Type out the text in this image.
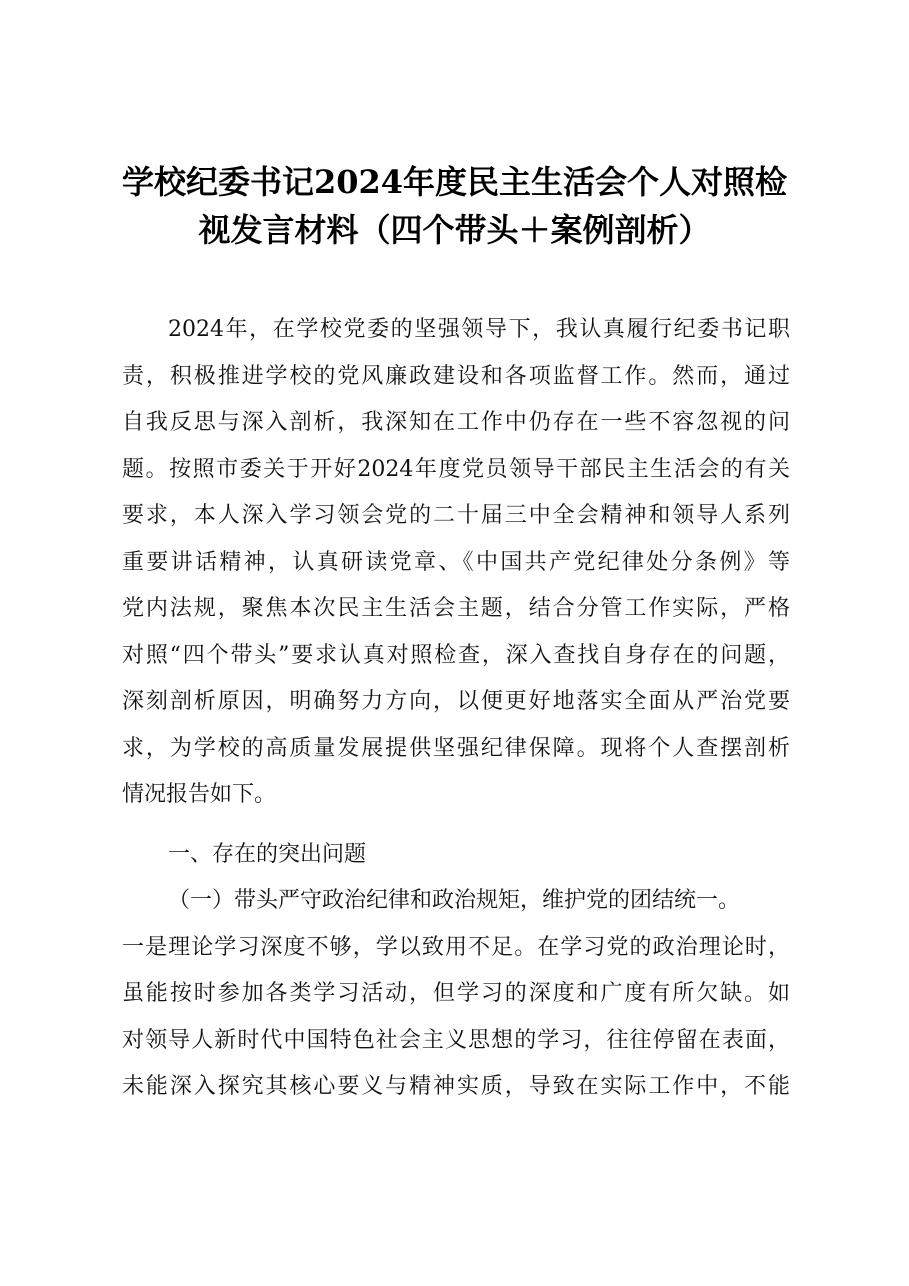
学校纪委书记2024年度民主生活会个人对照检
视发言材料（四个带头＋案例剖析）
2024年，在学校党委的坚强领导下，我认真履行纪委书记职
责，积极推进学校的党风廉政建设和各项监督工作。然而，通过
自我反思与深入剖析，我深知在工作中仍存在一些不容忽视的问
题。按照市委关于开好2024年度党员领导干部民主生活会的有关
要求，本人深入学习领会党的二十届三中全会精神和领导人系列
重要讲话精神，认真研读党章、《中国共产党纪律处分条例》等
党内法规，聚焦本次民主生活会主题，结合分管工作实际，严格
对照“四个带头”要求认真对照检查，深入查找自身存在的问题，
深刻剖析原因，明确努力方向，以便更好地落实全面从严治党要
求，为学校的高质量发展提供坚强纪律保障。现将个人查摆剖析
情况报告如下。
一、存在的突出问题
（一）带头严守政治纪律和政治规矩，维护党的团结统一。
一是理论学习深度不够，学以致用不足。在学习党的政治理论时，
虽能按时参加各类学习活动，但学习的深度和广度有所欠缺。如
对领导人新时代中国特色社会主义思想的学习，往往停留在表面，
未能深入探究其核心要义与精神实质，导致在实际工作中，不能
